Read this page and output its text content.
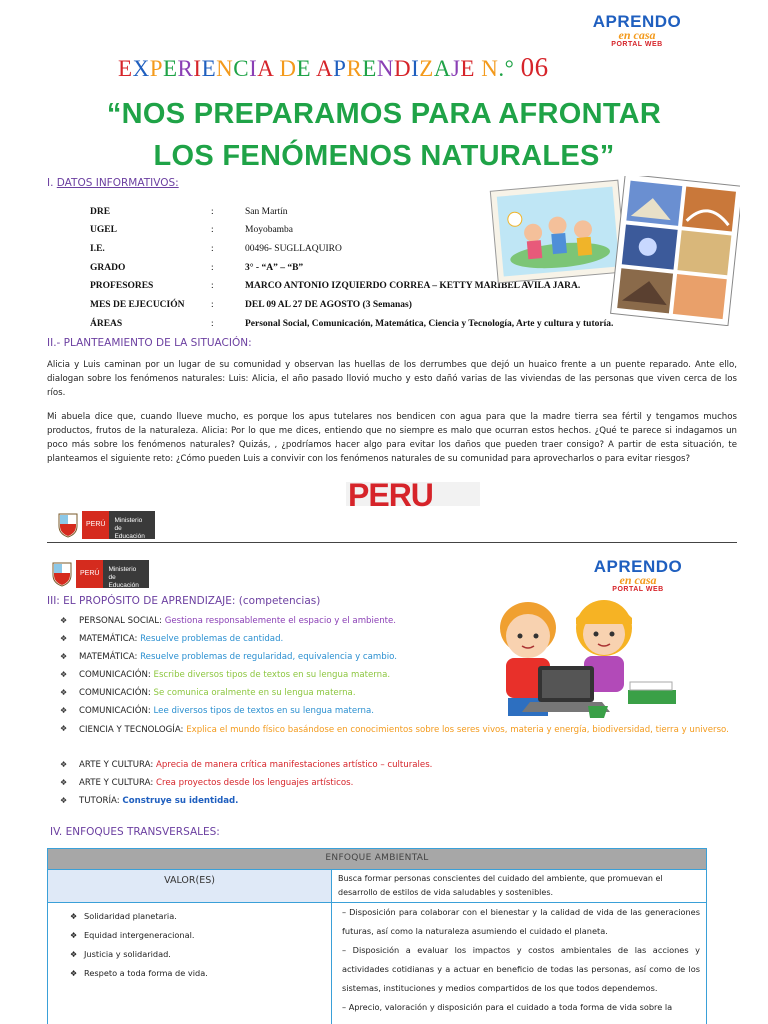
APRENDO
en casa
PORTAL WEB
EXPERIENCIA DE APRENDIZAJE N.° 06
“NOS PREPARAMOS PARA AFRONTAR
LOS FENÓMENOS NATURALES”
I. DATOS INFORMATIVOS:
DRE	:	San Martín
UGEL	:	Moyobamba
I.E.	:	00496- SUGLLAQUIRO
GRADO	:	3° - “A” – “B”
PROFESORES	:	MARCO ANTONIO IZQUIERDO CORREA – KETTY MARIBEL AVILA JARA.
MES DE EJECUCIÓN	:	DEL 09 AL 27 DE AGOSTO (3 Semanas)
ÁREAS	:	Personal Social, Comunicación, Matemática, Ciencia y Tecnología, Arte y cultura y tutoría.
II.- PLANTEAMIENTO DE LA SITUACIÓN:
Alicia y Luis caminan por un lugar de su comunidad y observan las huellas de los derrumbes que dejó un huaico frente a un puente reparado. Ante ello, dialogan sobre los fenómenos naturales: Luis: Alicia, el año pasado llovió mucho y esto dañó varias de las viviendas de las personas que viven cerca de los ríos.
Mi abuela dice que, cuando llueve mucho, es porque los apus tutelares nos bendicen con agua para que la madre tierra sea fértil y tengamos muchos productos, frutos de la naturaleza. Alicia: Por lo que me dices, entiendo que no siempre es malo que ocurran estos hechos. ¿Qué te parece si indagamos un poco más sobre los fenómenos naturales? Quizás, , ¿podríamos hacer algo para evitar los daños que pueden traer consigo? A partir de esta situación, te planteamos el siguiente reto: ¿Cómo pueden Luis a convivir con los fenómenos naturales de su comunidad para aprovecharlos o para evitar riesgos?
PERU
PERÚ
Ministerio
de Educación
PERÚ
Ministerio
de Educación
APRENDO
en casa
PORTAL WEB
III: EL PROPÓSITO DE APRENDIZAJE: (competencias)
❖ PERSONAL SOCIAL: Gestiona responsablemente el espacio y el ambiente.
❖ MATEMÁTICA: Resuelve problemas de cantidad.
❖ MATEMÁTICA: Resuelve problemas de regularidad, equivalencia y cambio.
❖ COMUNICACIÓN: Escribe diversos tipos de textos en su lengua materna.
❖ COMUNICACIÓN: Se comunica oralmente en su lengua materna.
❖ COMUNICACIÓN: Lee diversos tipos de textos en su lengua materna.
❖ CIENCIA Y TECNOLOGÍA: Explica el mundo físico basándose en conocimientos sobre los seres vivos, materia y energía, biodiversidad, tierra y universo.
❖ ARTE Y CULTURA: Aprecia de manera crítica manifestaciones artístico – culturales.
❖ ARTE Y CULTURA: Crea proyectos desde los lenguajes artísticos.
❖ TUTORÍA: Construye su identidad.
IV. ENFOQUES TRANSVERSALES:
ENFOQUE AMBIENTAL
VALOR(ES)	Busca formar personas conscientes del cuidado del ambiente, que promuevan el desarrollo de estilos de vida saludables y sostenibles.
❖ Solidaridad planetaria.
❖ Equidad intergeneracional.
❖ Justicia y solidaridad.
❖ Respeto a toda forma de vida.
– Disposición para colaborar con el bienestar y la calidad de vida de las generaciones futuras, así como la naturaleza asumiendo el cuidado el planeta.
– Disposición a evaluar los impactos y costos ambientales de las acciones y actividades cotidianas y a actuar en beneficio de todas las personas, así como de los sistemas, instituciones y medios compartidos de los que todos dependemos.
– Aprecio, valoración y disposición para el cuidado a toda forma de vida sobre la
